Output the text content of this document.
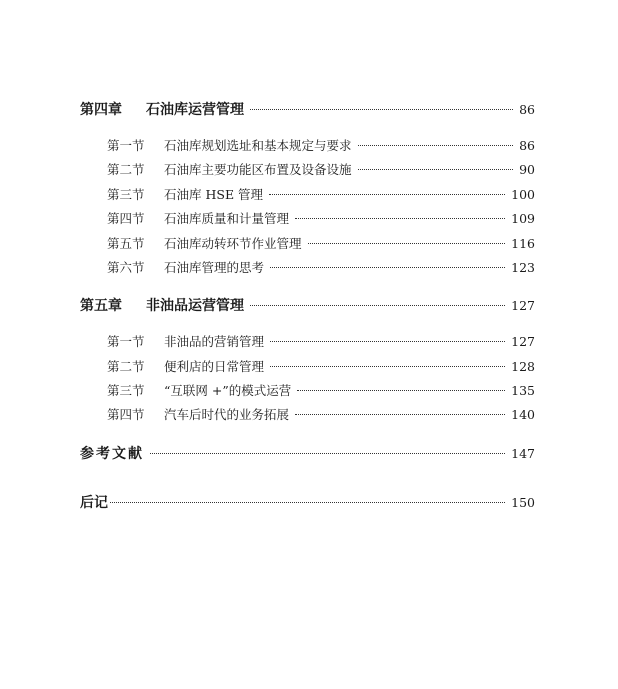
第四章	石油库运营管理	86
第一节	石油库规划选址和基本规定与要求	86
第二节	石油库主要功能区布置及设备设施	90
第三节	石油库 HSE 管理	100
第四节	石油库质量和计量管理	109
第五节	石油库动转环节作业管理	116
第六节	石油库管理的思考	123
第五章	非油品运营管理	127
第一节	非油品的营销管理	127
第二节	便利店的日常管理	128
第三节	“互联网 +”的模式运营	135
第四节	汽车后时代的业务拓展	140
参考文献	147
后记	150
